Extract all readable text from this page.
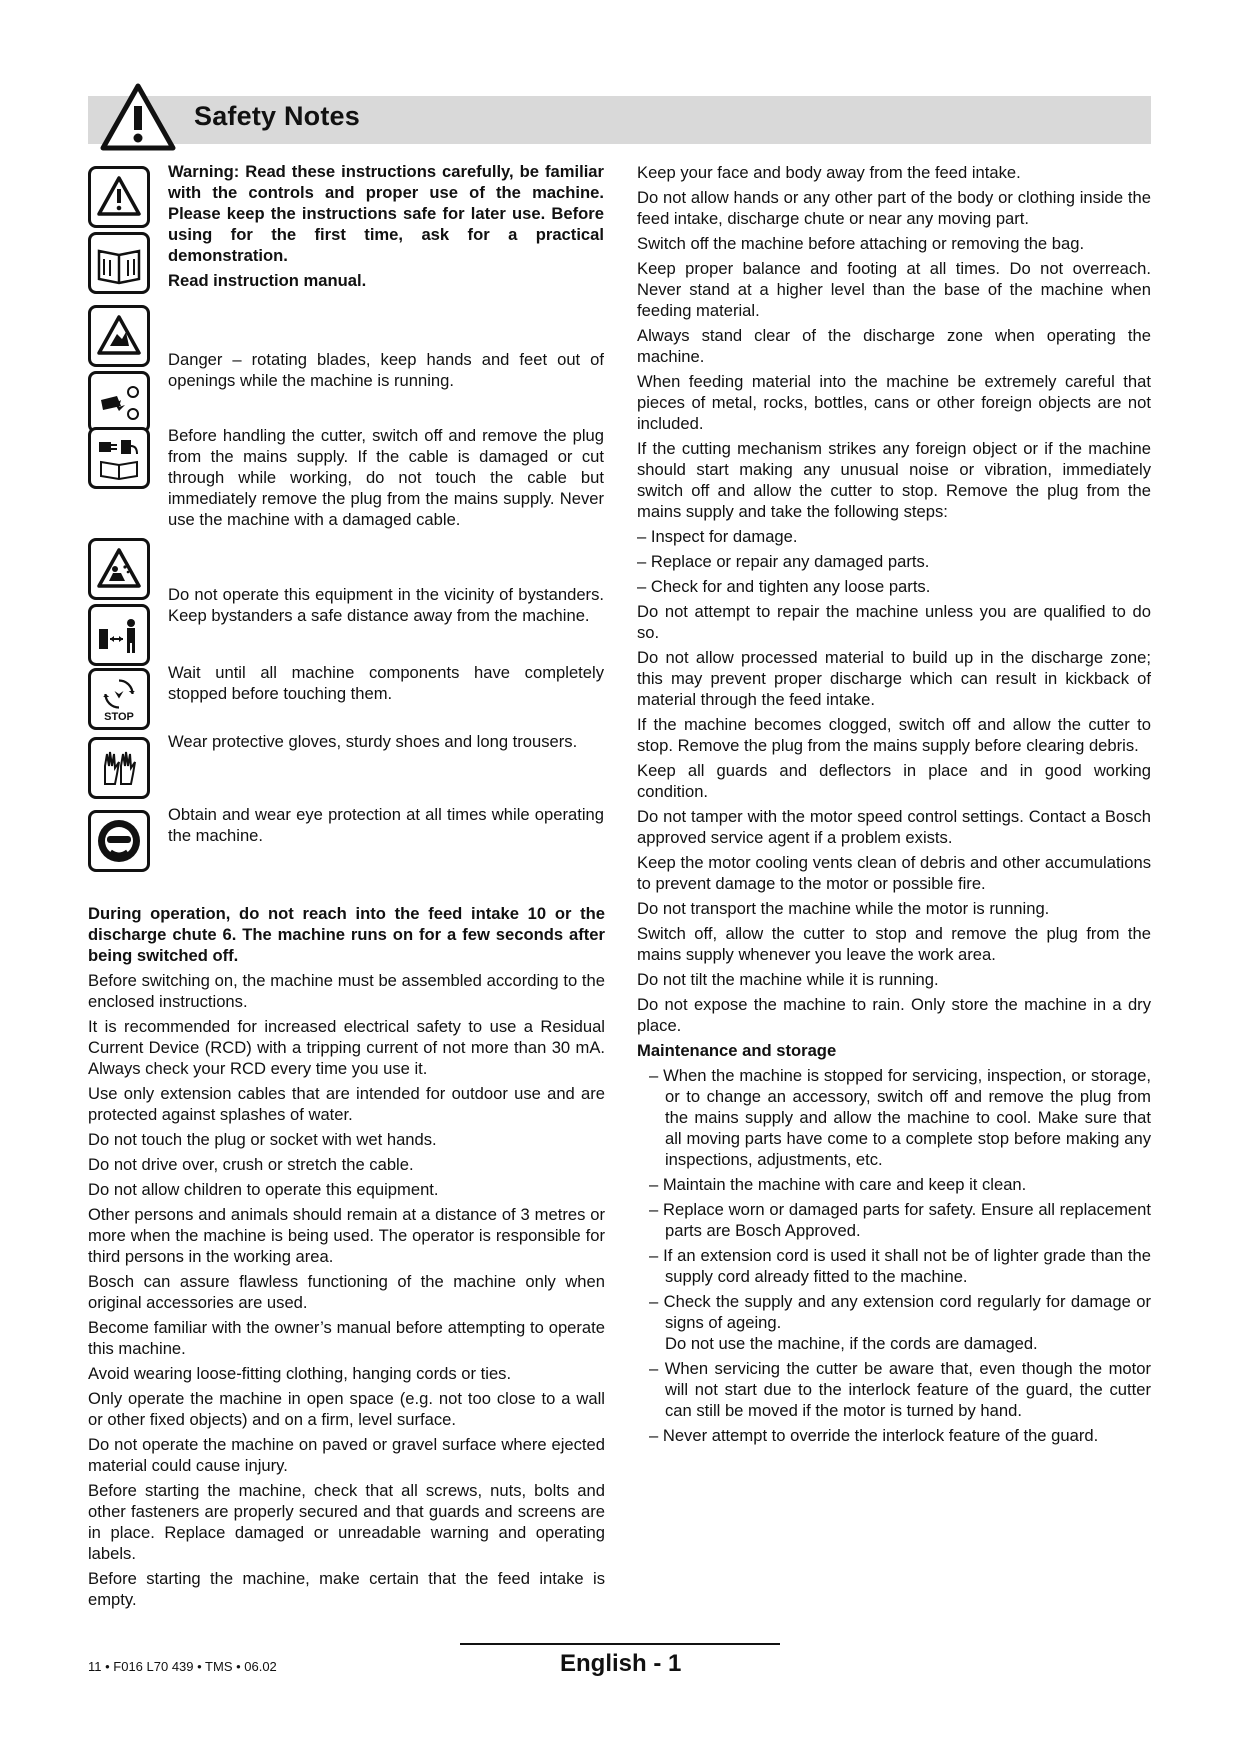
Safety Notes
STOP
Warning: Read these instructions carefully, be familiar with the controls and proper use of the machine. Please keep the instructions safe for later use. Before using for the first time, ask for a practical demonstration.
Read instruction manual.
Danger – rotating blades, keep hands and feet out of openings while the machine is running.
Before handling the cutter, switch off and remove the plug from the mains supply. If the cable is damaged or cut through while working, do not touch the cable but immediately remove the plug from the mains supply. Never use the machine with a damaged cable.
Do not operate this equipment in the vicinity of bystanders. Keep bystanders a safe distance away from the machine.
Wait until all machine components have completely stopped before touching them.
Wear protective gloves, sturdy shoes and long trousers.
Obtain and wear eye protection at all times while operating the machine.

During operation, do not reach into the feed intake 10 or the discharge chute 6. The machine runs on for a few seconds after being switched off.

Before switching on, the machine must be assembled according to the enclosed instructions.

It is recommended for increased electrical safety to use a Residual Current Device (RCD) with a tripping current of not more than 30 mA. Always check your RCD every time you use it.

Use only extension cables that are intended for outdoor use and are protected against splashes of water.

Do not touch the plug or socket with wet hands.

Do not drive over, crush or stretch the cable.

Do not allow children to operate this equipment.

Other persons and animals should remain at a distance of 3 metres or more when the machine is being used. The operator is responsible for third persons in the working area.

Bosch can assure flawless functioning of the machine only when original accessories are used.

Become familiar with the owner’s manual before attempting to operate this machine.

Avoid wearing loose-fitting clothing, hanging cords or ties.

Only operate the machine in open space (e.g. not too close to a wall or other fixed objects) and on a firm, level surface.

Do not operate the machine on paved or gravel surface where ejected material could cause injury.

Before starting the machine, check that all screws, nuts, bolts and other fasteners are properly secured and that guards and screens are in place. Replace damaged or unreadable warning and operating labels.

Before starting the machine, make certain that the feed intake is empty.

Keep your face and body away from the feed intake.

Do not allow hands or any other part of the body or clothing inside the feed intake, discharge chute or near any moving part.

Switch off the machine before attaching or removing the bag.

Keep proper balance and footing at all times. Do not overreach. Never stand at a higher level than the base of the machine when feeding material.

Always stand clear of the discharge zone when operating the machine.

When feeding material into the machine be extremely careful that pieces of metal, rocks, bottles, cans or other foreign objects are not included.

If the cutting mechanism strikes any foreign object or if the machine should start making any unusual noise or vibration, immediately switch off and allow the cutter to stop. Remove the plug from the mains supply and take the following steps:

– Inspect for damage.

– Replace or repair any damaged parts.

– Check for and tighten any loose parts.

Do not attempt to repair the machine unless you are qualified to do so.

Do not allow processed material to build up in the discharge zone; this may prevent proper discharge which can result in kickback of material through the feed intake.

If the machine becomes clogged, switch off and allow the cutter to stop. Remove the plug from the mains supply before clearing debris.

Keep all guards and deflectors in place and in good working condition.

Do not tamper with the motor speed control settings. Contact a Bosch approved service agent if a problem exists.

Keep the motor cooling vents clean of debris and other accumulations to prevent damage to the motor or possible fire.

Do not transport the machine while the motor is running.

Switch off, allow the cutter to stop and remove the plug from the mains supply whenever you leave the work area.

Do not tilt the machine while it is running.

Do not expose the machine to rain. Only store the machine in a dry place.

Maintenance and storage

– When the machine is stopped for servicing, inspection, or storage, or to change an accessory, switch off and remove the plug from the mains supply and allow the machine to cool. Make sure that all moving parts have come to a complete stop before making any inspections, adjustments, etc.

– Maintain the machine with care and keep it clean.

– Replace worn or damaged parts for safety. Ensure all replacement parts are Bosch Approved.

– If an extension cord is used it shall not be of lighter grade than the supply cord already fitted to the machine.

– Check the supply and any extension cord regularly for damage or signs of ageing.

Do not use the machine, if the cords are damaged.

– When servicing the cutter be aware that, even though the motor will not start due to the interlock feature of the guard, the cutter can still be moved if the motor is turned by hand.

– Never attempt to override the interlock feature of the guard.

11 • F016 L70 439 • TMS • 06.02	English - 1
